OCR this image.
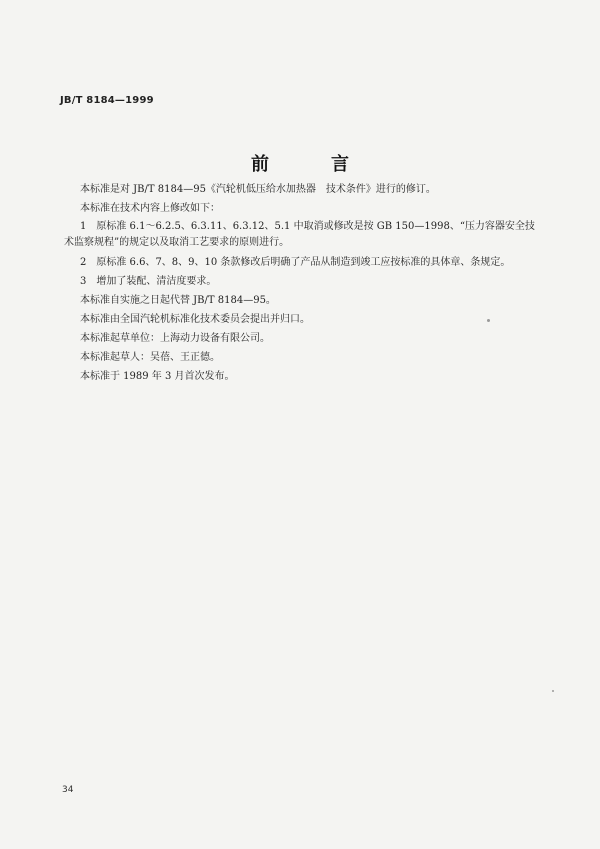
JB/T 8184—1999
前　言

本标准是对 JB/T 8184—95《汽轮机低压给水加热器　技术条件》进行的修订。

本标准在技术内容上修改如下：

1　原标准 6.1～6.2.5、6.3.11、6.3.12、5.1 中取消或修改是按 GB 150—1998、“压力容器安全技术监察规程”的规定以及取消工艺要求的原则进行。

2　原标准 6.6、7、8、9、10 条款修改后明确了产品从制造到竣工应按标准的具体章、条规定。

3　增加了装配、清洁度要求。

本标准自实施之日起代替 JB/T 8184—95。

本标准由全国汽轮机标准化技术委员会提出并归口。

本标准起草单位：上海动力设备有限公司。

本标准起草人：吴蓓、王正德。

本标准于 1989 年 3 月首次发布。

34
